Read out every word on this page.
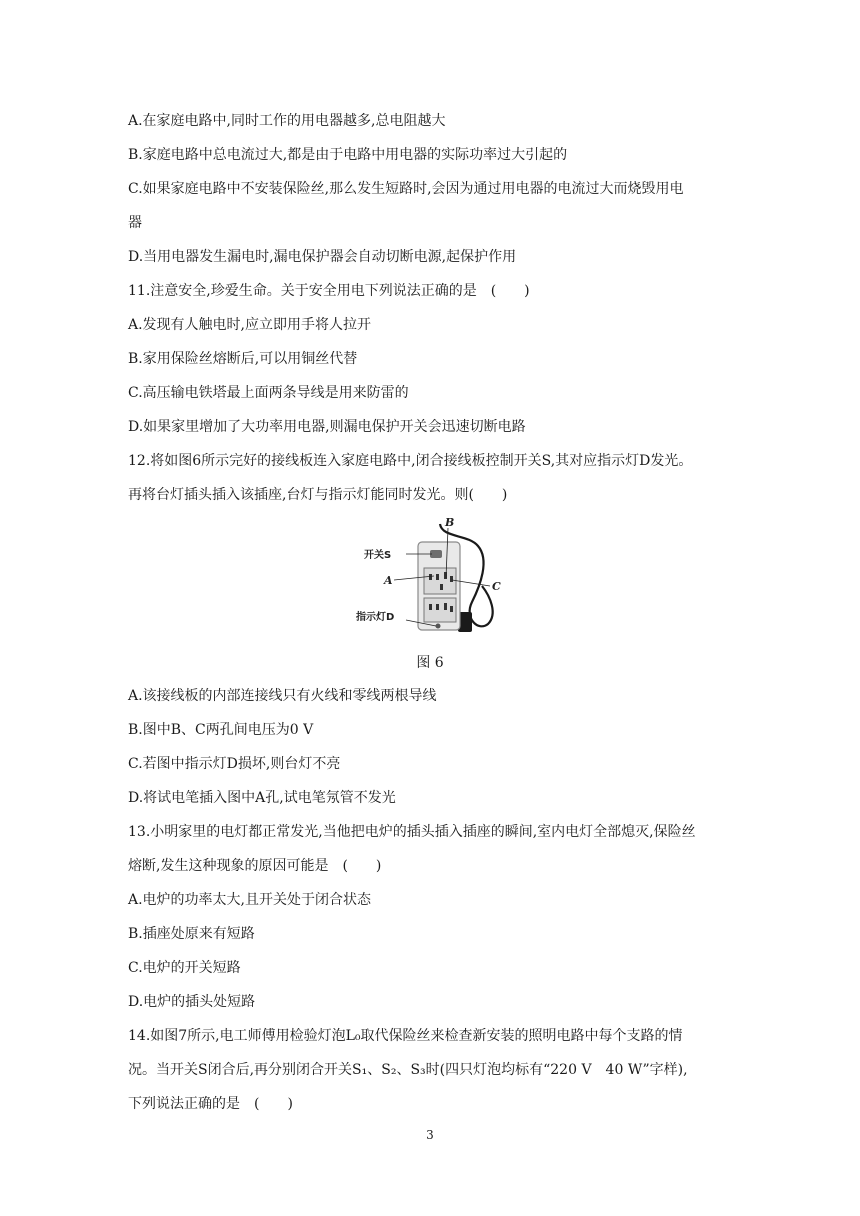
A.在家庭电路中,同时工作的用电器越多,总电阻越大
B.家庭电路中总电流过大,都是由于电路中用电器的实际功率过大引起的
C.如果家庭电路中不安装保险丝,那么发生短路时,会因为通过用电器的电流过大而烧毁用电
器
D.当用电器发生漏电时,漏电保护器会自动切断电源,起保护作用
11.注意安全,珍爱生命。关于安全用电下列说法正确的是　(　　)
A.发现有人触电时,应立即用手将人拉开
B.家用保险丝熔断后,可以用铜丝代替
C.高压输电铁塔最上面两条导线是用来防雷的
D.如果家里增加了大功率用电器,则漏电保护开关会迅速切断电路
12.将如图6所示完好的接线板连入家庭电路中,闭合接线板控制开关S,其对应指示灯D发光。
再将台灯插头插入该插座,台灯与指示灯能同时发光。则(　　)
A.该接线板的内部连接线只有火线和零线两根导线
B.图中B、C两孔间电压为0 V
C.若图中指示灯D损坏,则台灯不亮
D.将试电笔插入图中A孔,试电笔氖管不发光
13.小明家里的电灯都正常发光,当他把电炉的插头插入插座的瞬间,室内电灯全部熄灭,保险丝
熔断,发生这种现象的原因可能是　(　　)
A.电炉的功率太大,且开关处于闭合状态
B.插座处原来有短路
C.电炉的开关短路
D.电炉的插头处短路
14.如图7所示,电工师傅用检验灯泡L₀取代保险丝来检查新安装的照明电路中每个支路的情
况。当开关S闭合后,再分别闭合开关S₁、S₂、S₃时(四只灯泡均标有“220 V　40 W”字样),
下列说法正确的是　(　　)
B
开关S
A	C
指示灯D
图 6
3
